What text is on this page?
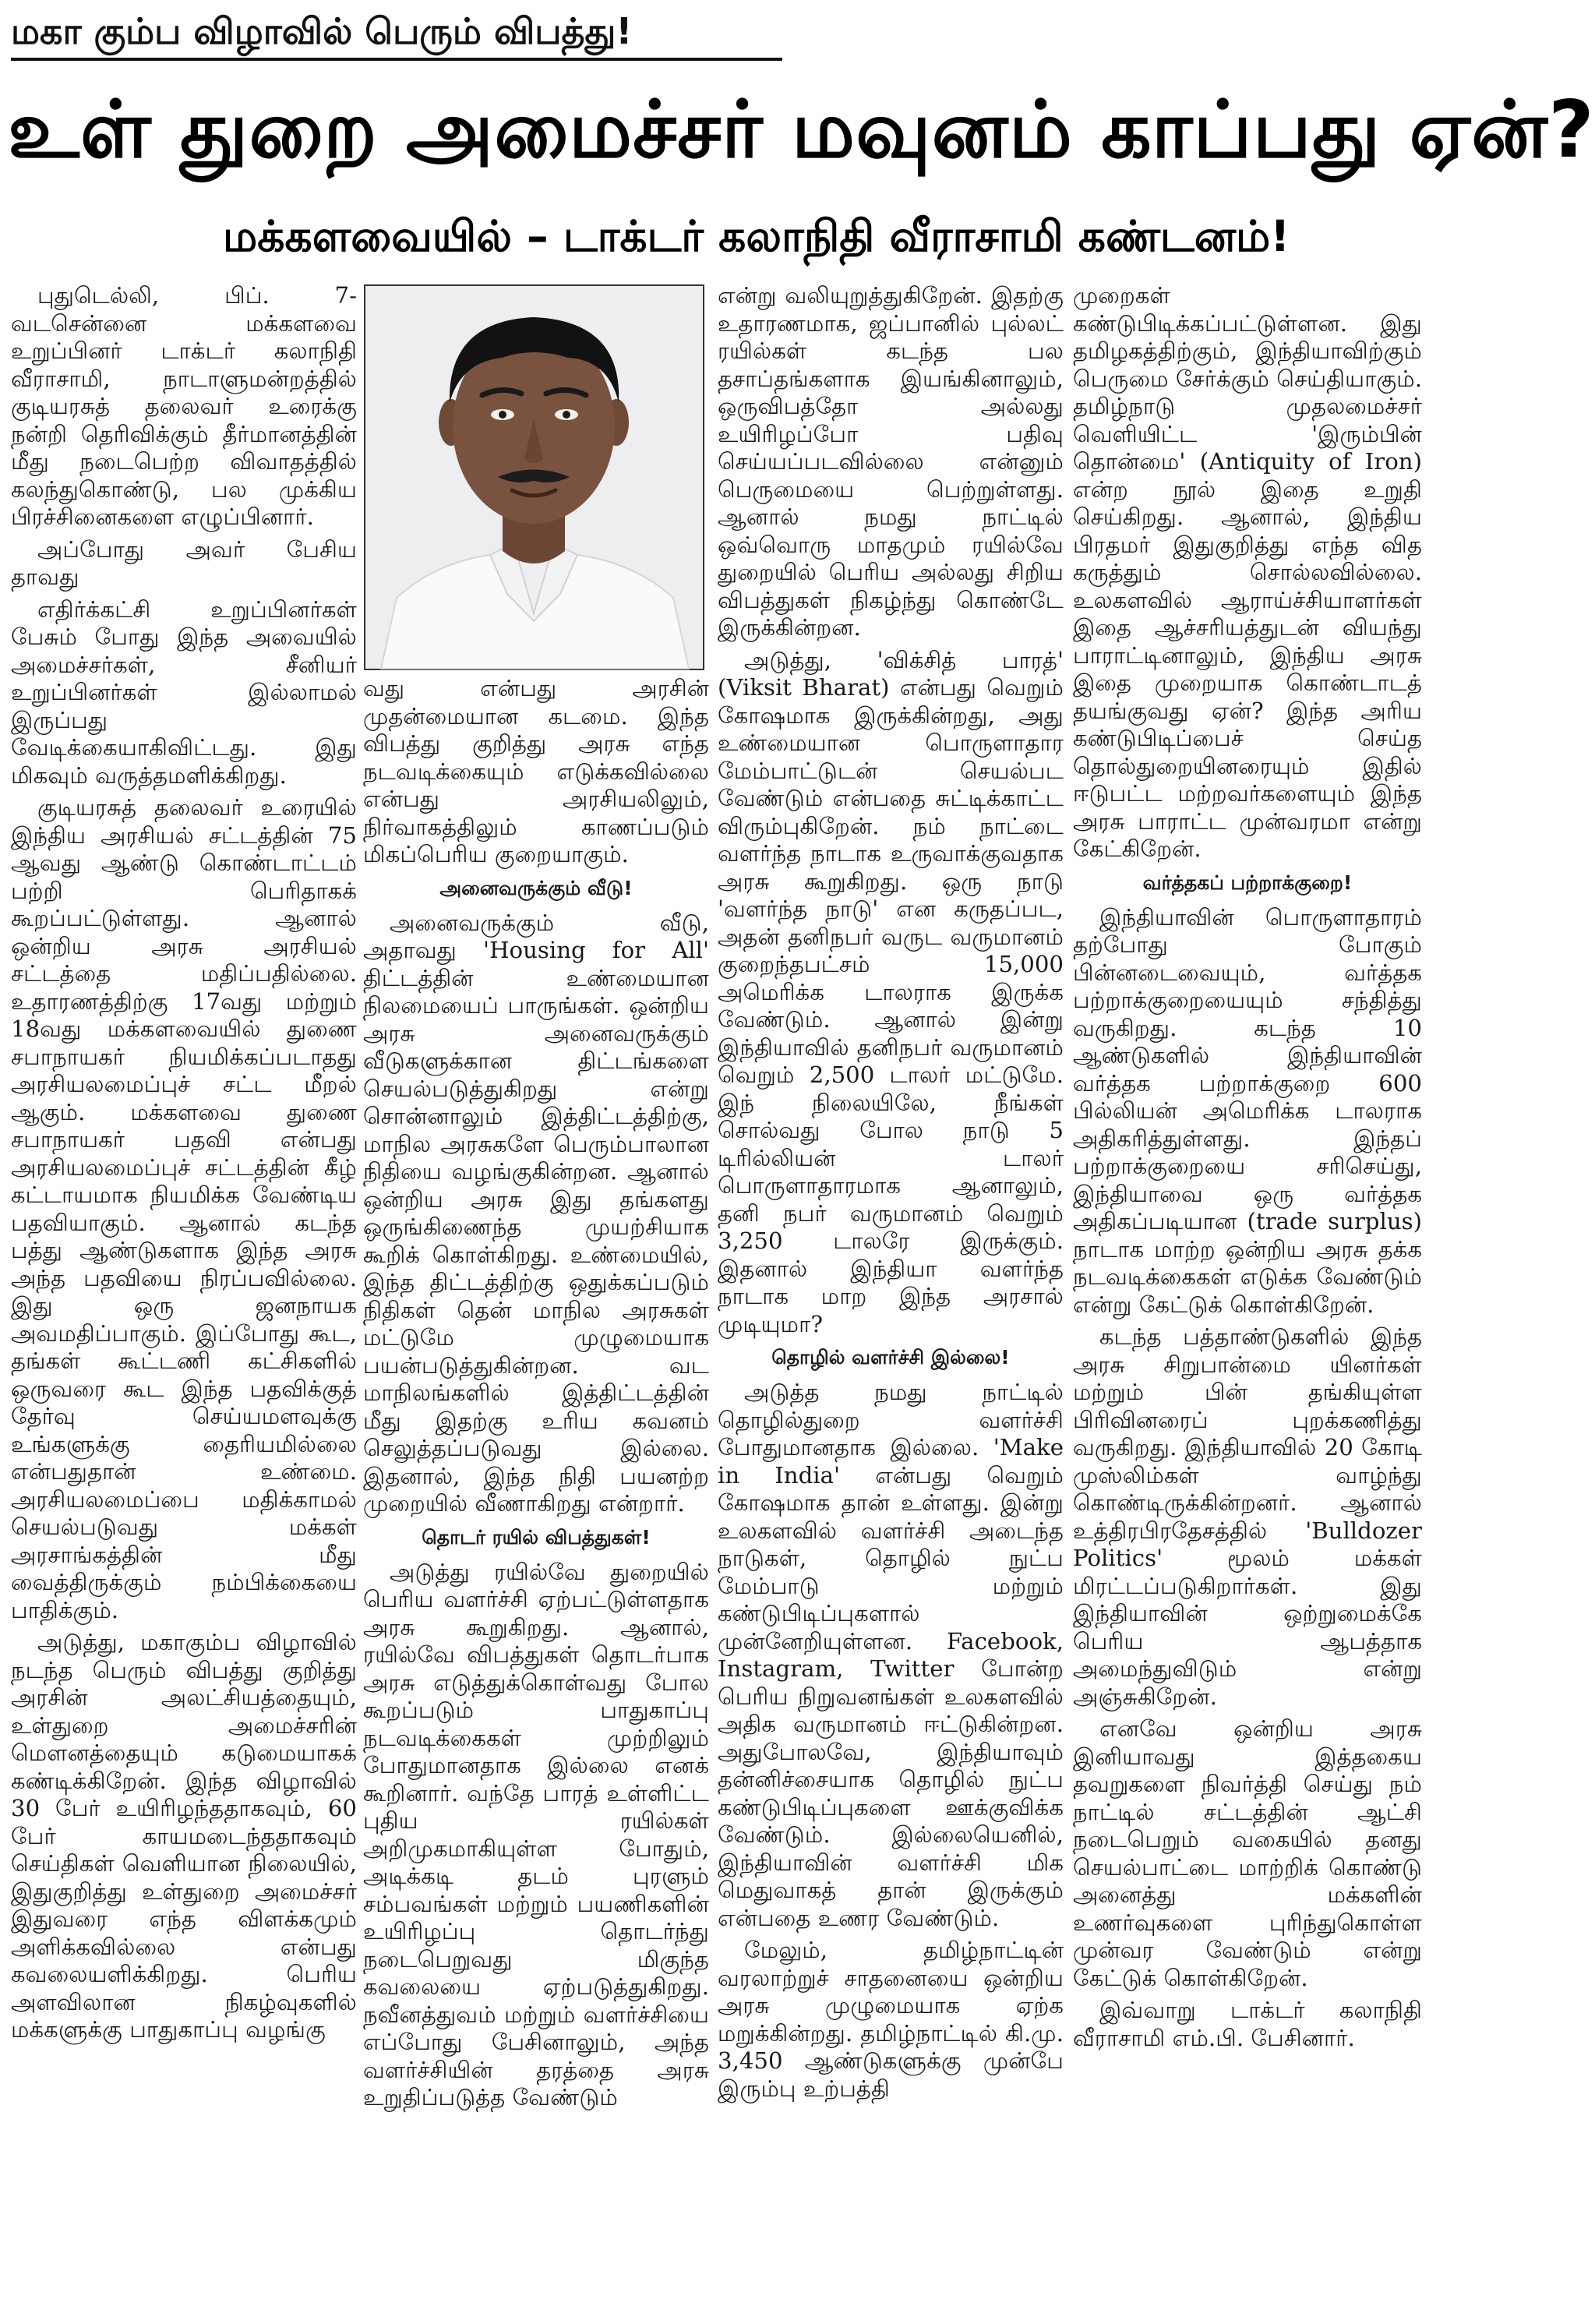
மகா கும்ப விழாவில் பெரும் விபத்து!
உள் துறை அமைச்சர் மவுனம் காப்பது ஏன்?
மக்களவையில் – டாக்டர் கலாநிதி வீராசாமி கண்டனம்!

புதுடெல்லி, பிப். 7- வடசென்னை மக்களவை உறுப்பினர் டாக்டர் கலாநிதி வீராசாமி, நாடாளுமன்றத்தில் குடியரசுத் தலைவர் உரைக்கு நன்றி தெரிவிக்கும் தீர்மானத்தின் மீது நடைபெற்ற விவாதத்தில் கலந்துகொண்டு, பல முக்கிய பிரச்சினைகளை எழுப்பினார்.

அப்போது அவர் பேசிய தாவது

எதிர்க்கட்சி உறுப்பினர்கள் பேசும் போது இந்த அவையில் அமைச்சர்கள், சீனியர் உறுப்பினர்கள் இல்லாமல் இருப்பது வேடிக்கையாகிவிட்டது. இது மிகவும் வருத்தமளிக்கிறது.

குடியரசுத் தலைவர் உரையில் இந்திய அரசியல் சட்டத்தின் 75 ஆவது ஆண்டு கொண்டாட்டம் பற்றி பெரிதாகக் கூறப்பட்டுள்ளது. ஆனால் ஒன்றிய அரசு அரசியல் சட்டத்தை மதிப்பதில்லை. உதாரணத்திற்கு 17வது மற்றும் 18வது மக்களவையில் துணை சபாநாயகர் நியமிக்கப்படாதது அரசியலமைப்புச் சட்ட மீறல் ஆகும். மக்களவை துணை சபாநாயகர் பதவி என்பது அரசியலமைப்புச் சட்டத்தின் கீழ் கட்டாயமாக நியமிக்க வேண்டிய பதவியாகும். ஆனால் கடந்த பத்து ஆண்டுகளாக இந்த அரசு அந்த பதவியை நிரப்பவில்லை. இது ஒரு ஜனநாயக அவமதிப்பாகும். இப்போது கூட, தங்கள் கூட்டணி கட்சிகளில் ஒருவரை கூட இந்த பதவிக்குத் தேர்வு செய்யமளவுக்கு உங்களுக்கு தைரியமில்லை என்பதுதான் உண்மை. அரசியலமைப்பை மதிக்காமல் செயல்படுவது மக்கள் அரசாங்கத்தின் மீது வைத்திருக்கும் நம்பிக்கையை பாதிக்கும்.

அடுத்து, மகாகும்ப விழாவில் நடந்த பெரும் விபத்து குறித்து அரசின் அலட்சியத்தையும், உள்துறை அமைச்சரின் மௌனத்தையும் கடுமையாகக் கண்டிக்கிறேன். இந்த விழாவில் 30 பேர் உயிரிழந்ததாகவும், 60 பேர் காயமடைந்ததாகவும் செய்திகள் வெளியான நிலையில், இதுகுறித்து உள்துறை அமைச்சர் இதுவரை எந்த விளக்கமும் அளிக்கவில்லை என்பது கவலையளிக்கிறது. பெரிய அளவிலான நிகழ்வுகளில் மக்களுக்கு பாதுகாப்பு வழங்கு

வது என்பது அரசின் முதன்மையான கடமை. இந்த விபத்து குறித்து அரசு எந்த நடவடிக்கையும் எடுக்கவில்லை என்பது அரசியலிலும், நிர்வாகத்திலும் காணப்படும் மிகப்பெரிய குறையாகும்.

அனைவருக்கும் வீடு!

அனைவருக்கும் வீடு, அதாவது 'Housing for All' திட்டத்தின் உண்மையான நிலமையைப் பாருங்கள். ஒன்றிய அரசு அனைவருக்கும் வீடுகளுக்கான திட்டங்களை செயல்படுத்துகிறது என்று சொன்னாலும் இத்திட்டத்திற்கு, மாநில அரசுகளே பெரும்பாலான நிதியை வழங்குகின்றன. ஆனால் ஒன்றிய அரசு இது தங்களது ஒருங்கிணைந்த முயற்சியாக கூறிக் கொள்கிறது. உண்மையில், இந்த திட்டத்திற்கு ஒதுக்கப்படும் நிதிகள் தென் மாநில அரசுகள் மட்டுமே முழுமையாக பயன்படுத்துகின்றன. வட மாநிலங்களில் இத்திட்டத்தின் மீது இதற்கு உரிய கவனம் செலுத்தப்படுவது இல்லை. இதனால், இந்த நிதி பயனற்ற முறையில் வீணாகிறது என்றார்.

தொடர் ரயில் விபத்துகள்!

அடுத்து ரயில்வே துறையில் பெரிய வளர்ச்சி ஏற்பட்டுள்ளதாக அரசு கூறுகிறது. ஆனால், ரயில்வே விபத்துகள் தொடர்பாக அரசு எடுத்துக்கொள்வது போல கூறப்படும் பாதுகாப்பு நடவடிக்கைகள் முற்றிலும் போதுமானதாக இல்லை எனக் கூறினார். வந்தே பாரத் உள்ளிட்ட புதிய ரயில்கள் அறிமுகமாகியுள்ள போதும், அடிக்கடி தடம் புரளும் சம்பவங்கள் மற்றும் பயணிகளின் உயிரிழப்பு தொடர்ந்து நடைபெறுவது மிகுந்த கவலையை ஏற்படுத்துகிறது. நவீனத்துவம் மற்றும் வளர்ச்சியை எப்போது பேசினாலும், அந்த வளர்ச்சியின் தரத்தை அரசு உறுதிப்படுத்த வேண்டும்

என்று வலியுறுத்துகிறேன். இதற்கு உதாரணமாக, ஜப்பானில் புல்லட் ரயில்கள் கடந்த பல தசாப்தங்களாக இயங்கினாலும், ஒருவிபத்தோ அல்லது உயிரிழப்போ பதிவு செய்யப்படவில்லை என்னும் பெருமையை பெற்றுள்ளது. ஆனால் நமது நாட்டில் ஒவ்வொரு மாதமும் ரயில்வே துறையில் பெரிய அல்லது சிறிய விபத்துகள் நிகழ்ந்து கொண்டே இருக்கின்றன.

அடுத்து, 'விக்சித் பாரத்' (Viksit Bharat) என்பது வெறும் கோஷமாக இருக்கின்றது, அது உண்மையான பொருளாதார மேம்பாட்டுடன் செயல்பட வேண்டும் என்பதை சுட்டிக்காட்ட விரும்புகிறேன். நம் நாட்டை வளர்ந்த நாடாக உருவாக்குவதாக அரசு கூறுகிறது. ஒரு நாடு 'வளர்ந்த நாடு' என கருதப்பட, அதன் தனிநபர் வருட வருமானம் குறைந்தபட்சம் 15,000 அமெரிக்க டாலராக இருக்க வேண்டும். ஆனால் இன்று இந்தியாவில் தனிநபர் வருமானம் வெறும் 2,500 டாலர் மட்டுமே. இந் நிலையிலே, நீங்கள் சொல்வது போல நாடு 5 டிரில்லியன் டாலர் பொருளாதாரமாக ஆனாலும், தனி நபர் வருமானம் வெறும் 3,250 டாலரே இருக்கும். இதனால் இந்தியா வளர்ந்த நாடாக மாற இந்த அரசால் முடியுமா?

தொழில் வளர்ச்சி இல்லை!

அடுத்த நமது நாட்டில் தொழில்துறை வளர்ச்சி போதுமானதாக இல்லை. 'Make in India' என்பது வெறும் கோஷமாக தான் உள்ளது. இன்று உலகளவில் வளர்ச்சி அடைந்த நாடுகள், தொழில் நுட்ப மேம்பாடு மற்றும் கண்டுபிடிப்புகளால் முன்னேறியுள்ளன. Facebook, Instagram, Twitter போன்ற பெரிய நிறுவனங்கள் உலகளவில் அதிக வருமானம் ஈட்டுகின்றன. அதுபோலவே, இந்தியாவும் தன்னிச்சையாக தொழில் நுட்ப கண்டுபிடிப்புகளை ஊக்குவிக்க வேண்டும். இல்லையெனில், இந்தியாவின் வளர்ச்சி மிக மெதுவாகத் தான் இருக்கும் என்பதை உணர வேண்டும்.

மேலும், தமிழ்நாட்டின் வரலாற்றுச் சாதனையை ஒன்றிய அரசு முழுமையாக ஏற்க மறுக்கின்றது. தமிழ்நாட்டில் கி.மு. 3,450 ஆண்டுகளுக்கு முன்பே இரும்பு உற்பத்தி

முறைகள் கண்டுபிடிக்கப்பட்டுள்ளன. இது தமிழகத்திற்கும், இந்தியாவிற்கும் பெருமை சேர்க்கும் செய்தியாகும். தமிழ்நாடு முதலமைச்சர் வெளியிட்ட 'இரும்பின் தொன்மை' (Antiquity of Iron) என்ற நூல் இதை உறுதி செய்கிறது. ஆனால், இந்திய பிரதமர் இதுகுறித்து எந்த வித கருத்தும் சொல்லவில்லை. உலகளவில் ஆராய்ச்சியாளர்கள் இதை ஆச்சரியத்துடன் வியந்து பாராட்டினாலும், இந்திய அரசு இதை முறையாக கொண்டாடத் தயங்குவது ஏன்? இந்த அரிய கண்டுபிடிப்பைச் செய்த தொல்துறையினரையும் இதில் ஈடுபட்ட மற்றவர்களையும் இந்த அரசு பாராட்ட முன்வரமா என்று கேட்கிறேன்.

வர்த்தகப் பற்றாக்குறை!

இந்தியாவின் பொருளாதாரம் தற்போது போகும் பின்னடைவையும், வர்த்தக பற்றாக்குறையையும் சந்தித்து வருகிறது. கடந்த 10 ஆண்டுகளில் இந்தியாவின் வர்த்தக பற்றாக்குறை 600 பில்லியன் அமெரிக்க டாலராக அதிகரித்துள்ளது. இந்தப் பற்றாக்குறையை சரிசெய்து, இந்தியாவை ஒரு வர்த்தக அதிகப்படியான (trade surplus) நாடாக மாற்ற ஒன்றிய அரசு தக்க நடவடிக்கைகள் எடுக்க வேண்டும் என்று கேட்டுக் கொள்கிறேன்.

கடந்த பத்தாண்டுகளில் இந்த அரசு சிறுபான்மை யினர்கள் மற்றும் பின் தங்கியுள்ள பிரிவினரைப் புறக்கணித்து வருகிறது. இந்தியாவில் 20 கோடி முஸ்லிம்கள் வாழ்ந்து கொண்டிருக்கின்றனர். ஆனால் உத்திரபிரதேசத்தில் 'Bulldozer Politics' மூலம் மக்கள் மிரட்டப்படுகிறார்கள். இது இந்தியாவின் ஒற்றுமைக்கே பெரிய ஆபத்தாக அமைந்துவிடும் என்று அஞ்சுகிறேன்.

எனவே ஒன்றிய அரசு இனியாவது இத்தகைய தவறுகளை நிவர்த்தி செய்து நம் நாட்டில் சட்டத்தின் ஆட்சி நடைபெறும் வகையில் தனது செயல்பாட்டை மாற்றிக் கொண்டு அனைத்து மக்களின் உணர்வுகளை புரிந்துகொள்ள முன்வர வேண்டும் என்று கேட்டுக் கொள்கிறேன்.

இவ்வாறு டாக்டர் கலாநிதி வீராசாமி எம்.பி. பேசினார்.
